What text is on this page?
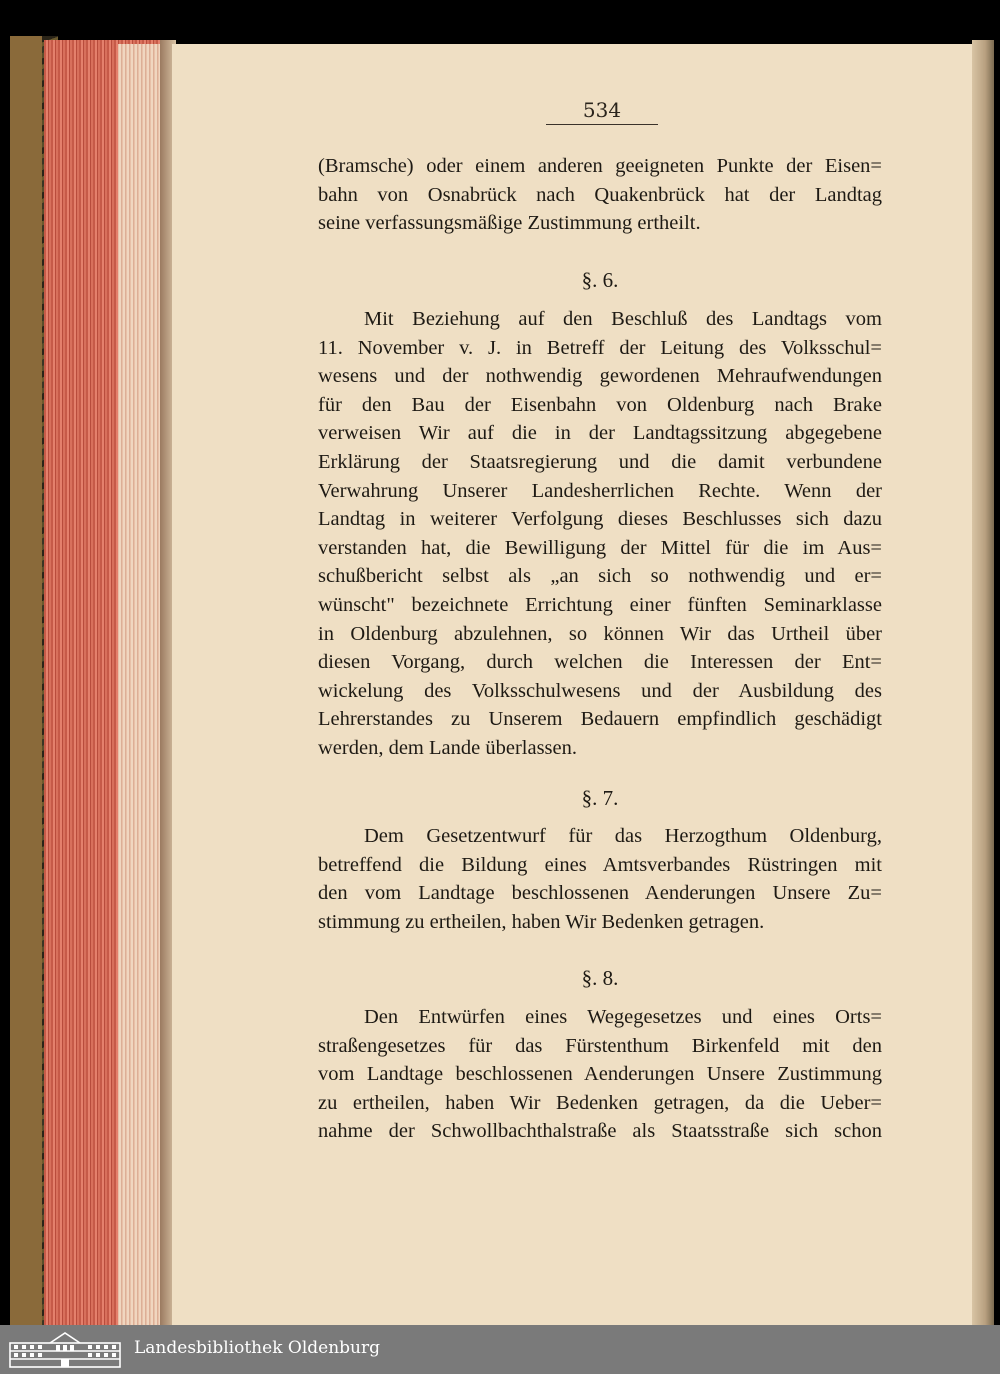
534
(Bramsche) oder einem anderen geeigneten Punkte der Eisen=
bahn von Osnabrück nach Quakenbrück hat der Landtag
seine verfassungsmäßige Zustimmung ertheilt.
§. 6.
Mit Beziehung auf den Beschluß des Landtags vom
11. November v. J. in Betreff der Leitung des Volksschul=
wesens und der nothwendig gewordenen Mehraufwendungen
für den Bau der Eisenbahn von Oldenburg nach Brake
verweisen Wir auf die in der Landtagssitzung abgegebene
Erklärung der Staatsregierung und die damit verbundene
Verwahrung Unserer Landesherrlichen Rechte. Wenn der
Landtag in weiterer Verfolgung dieses Beschlusses sich dazu
verstanden hat, die Bewilligung der Mittel für die im Aus=
schußbericht selbst als „an sich so nothwendig und er=
wünscht" bezeichnete Errichtung einer fünften Seminarklasse
in Oldenburg abzulehnen, so können Wir das Urtheil über
diesen Vorgang, durch welchen die Interessen der Ent=
wickelung des Volksschulwesens und der Ausbildung des
Lehrerstandes zu Unserem Bedauern empfindlich geschädigt
werden, dem Lande überlassen.
§. 7.
Dem Gesetzentwurf für das Herzogthum Oldenburg,
betreffend die Bildung eines Amtsverbandes Rüstringen mit
den vom Landtage beschlossenen Aenderungen Unsere Zu=
stimmung zu ertheilen, haben Wir Bedenken getragen.
§. 8.
Den Entwürfen eines Wegegesetzes und eines Orts=
straßengesetzes für das Fürstenthum Birkenfeld mit den
vom Landtage beschlossenen Aenderungen Unsere Zustimmung
zu ertheilen, haben Wir Bedenken getragen, da die Ueber=
nahme der Schwollbachthalstraße als Staatsstraße sich schon
Landesbibliothek Oldenburg
